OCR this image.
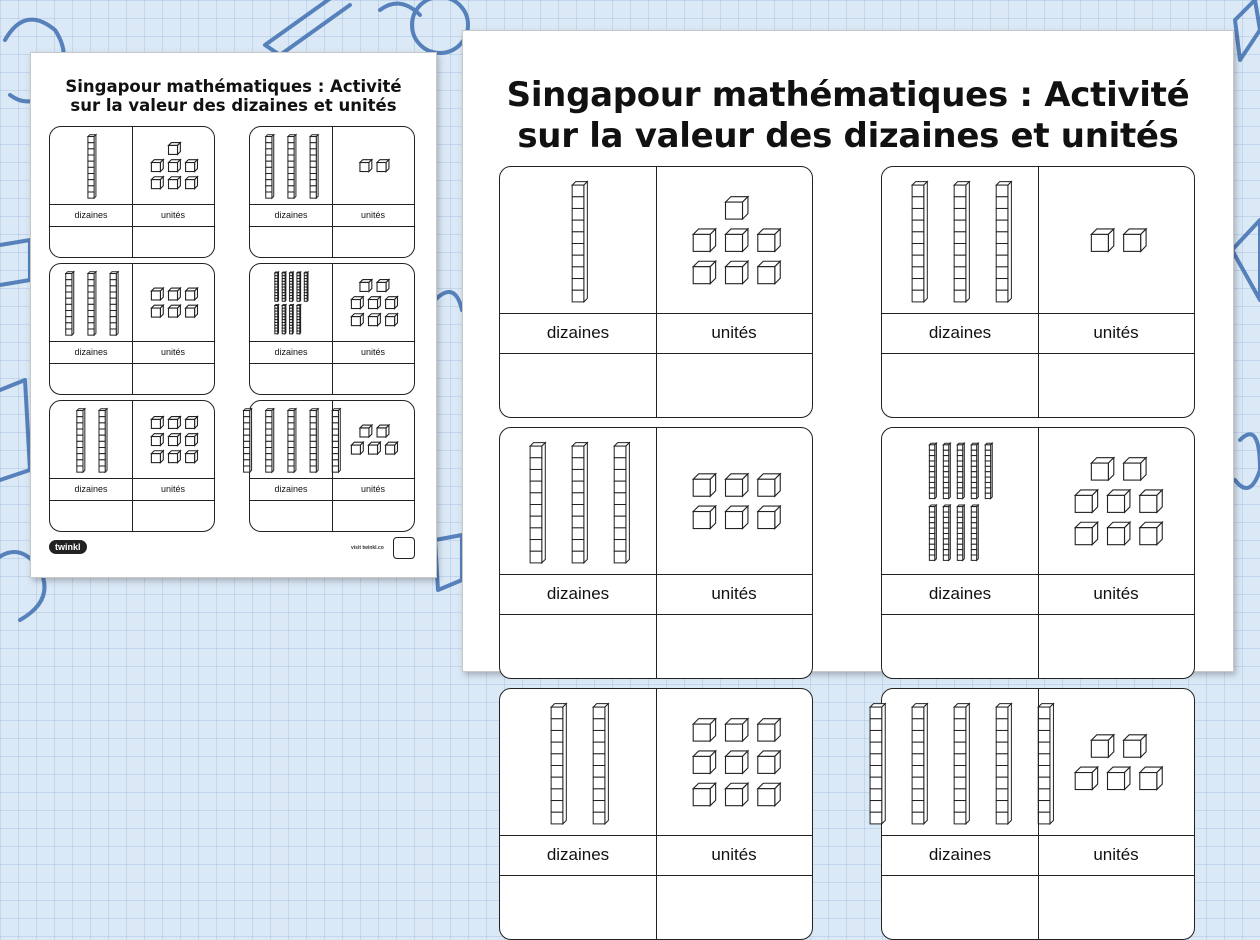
Singapour mathématiques : Activité
sur la valeur des dizaines et unités
dizaines	unités	dizaines	unités
dizaines	unités	dizaines	unités
dizaines	unités	dizaines	unités
twinkl	visit twinkl.co
Singapour mathématiques : Activité
sur la valeur des dizaines et unités
dizaines	unités	dizaines	unités
dizaines	unités	dizaines	unités
dizaines	unités	dizaines	unités
